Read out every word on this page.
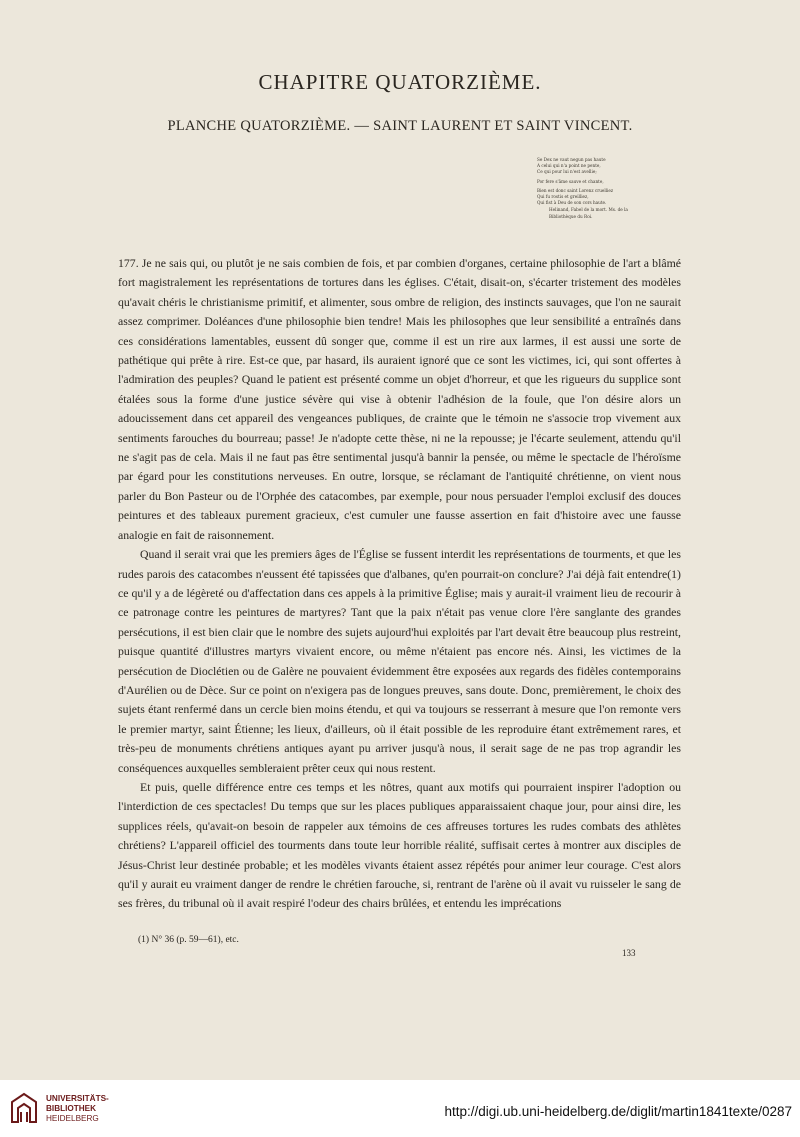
CHAPITRE QUATORZIÈME.
PLANCHE QUATORZIÈME. — SAINT LAURENT ET SAINT VINCENT.
Se Dex ne vaut negun pas haute
A celui qui n'a point ne pente,
Ce qui pour lui n'est avellie;
Por fere s'âme sauve et chante,
Bien est donc saint Lorenz cruelliez
Qui fu rostis et greilliez,
Qui fist à Deu de son cors haute.
Helinand, Fabel de la mort. Ms. de la Bibliothèque du Roi.

177. Je ne sais qui, ou plutôt je ne sais combien de fois, et par combien d'organes, certaine philosophie de l'art a blâmé fort magistralement les représentations de tortures dans les églises. C'était, disait-on, s'écarter tristement des modèles qu'avait chéris le christianisme primitif, et alimenter, sous ombre de religion, des instincts sauvages, que l'on ne saurait assez comprimer. Doléances d'une philosophie bien tendre! Mais les philosophes que leur sensibilité a entraînés dans ces considérations lamentables, eussent dû songer que, comme il est un rire aux larmes, il est aussi une sorte de pathétique qui prête à rire. Est-ce que, par hasard, ils auraient ignoré que ce sont les victimes, ici, qui sont offertes à l'admiration des peuples? Quand le patient est présenté comme un objet d'horreur, et que les rigueurs du supplice sont étalées sous la forme d'une justice sévère qui vise à obtenir l'adhésion de la foule, que l'on désire alors un adoucissement dans cet appareil des vengeances publiques, de crainte que le témoin ne s'associe trop vivement aux sentiments farouches du bourreau; passe! Je n'adopte cette thèse, ni ne la repousse; je l'écarte seulement, attendu qu'il ne s'agit pas de cela. Mais il ne faut pas être sentimental jusqu'à bannir la pensée, ou même le spectacle de l'héroïsme par égard pour les constitutions nerveuses. En outre, lorsque, se réclamant de l'antiquité chrétienne, on vient nous parler du Bon Pasteur ou de l'Orphée des catacombes, par exemple, pour nous persuader l'emploi exclusif des douces peintures et des tableaux purement gracieux, c'est cumuler une fausse assertion en fait d'histoire avec une fausse analogie en fait de raisonnement.

Quand il serait vrai que les premiers âges de l'Église se fussent interdit les représentations de tourments, et que les rudes parois des catacombes n'eussent été tapissées que d'albanes, qu'en pourrait-on conclure? J'ai déjà fait entendre(1) ce qu'il y a de légèreté ou d'affectation dans ces appels à la primitive Église; mais y aurait-il vraiment lieu de recourir à ce patronage contre les peintures de martyres? Tant que la paix n'était pas venue clore l'ère sanglante des grandes persécutions, il est bien clair que le nombre des sujets aujourd'hui exploités par l'art devait être beaucoup plus restreint, puisque quantité d'illustres martyrs vivaient encore, ou même n'étaient pas encore nés. Ainsi, les victimes de la persécution de Dioclétien ou de Galère ne pouvaient évidemment être exposées aux regards des fidèles contemporains d'Aurélien ou de Dèce. Sur ce point on n'exigera pas de longues preuves, sans doute. Donc, premièrement, le choix des sujets étant renfermé dans un cercle bien moins étendu, et qui va toujours se resserrant à mesure que l'on remonte vers le premier martyr, saint Étienne; les lieux, d'ailleurs, où il était possible de les reproduire étant extrêmement rares, et très-peu de monuments chrétiens antiques ayant pu arriver jusqu'à nous, il serait sage de ne pas trop agrandir les conséquences auxquelles sembleraient prêter ceux qui nous restent.

Et puis, quelle différence entre ces temps et les nôtres, quant aux motifs qui pourraient inspirer l'adoption ou l'interdiction de ces spectacles! Du temps que sur les places publiques apparaissaient chaque jour, pour ainsi dire, les supplices réels, qu'avait-on besoin de rappeler aux témoins de ces affreuses tortures les rudes combats des athlètes chrétiens? L'appareil officiel des tourments dans toute leur horrible réalité, suffisait certes à montrer aux disciples de Jésus-Christ leur destinée probable; et les modèles vivants étaient assez répétés pour animer leur courage. C'est alors qu'il y aurait eu vraiment danger de rendre le chrétien farouche, si, rentrant de l'arène où il avait vu ruisseler le sang de ses frères, du tribunal où il avait respiré l'odeur des chairs brûlées, et entendu les imprécations

(1) N° 36 (p. 59—61), etc.
133
UNIVERSITÄTS-
BIBLIOTHEK
HEIDELBERG	http://digi.ub.uni-heidelberg.de/diglit/martin1841texte/0287
